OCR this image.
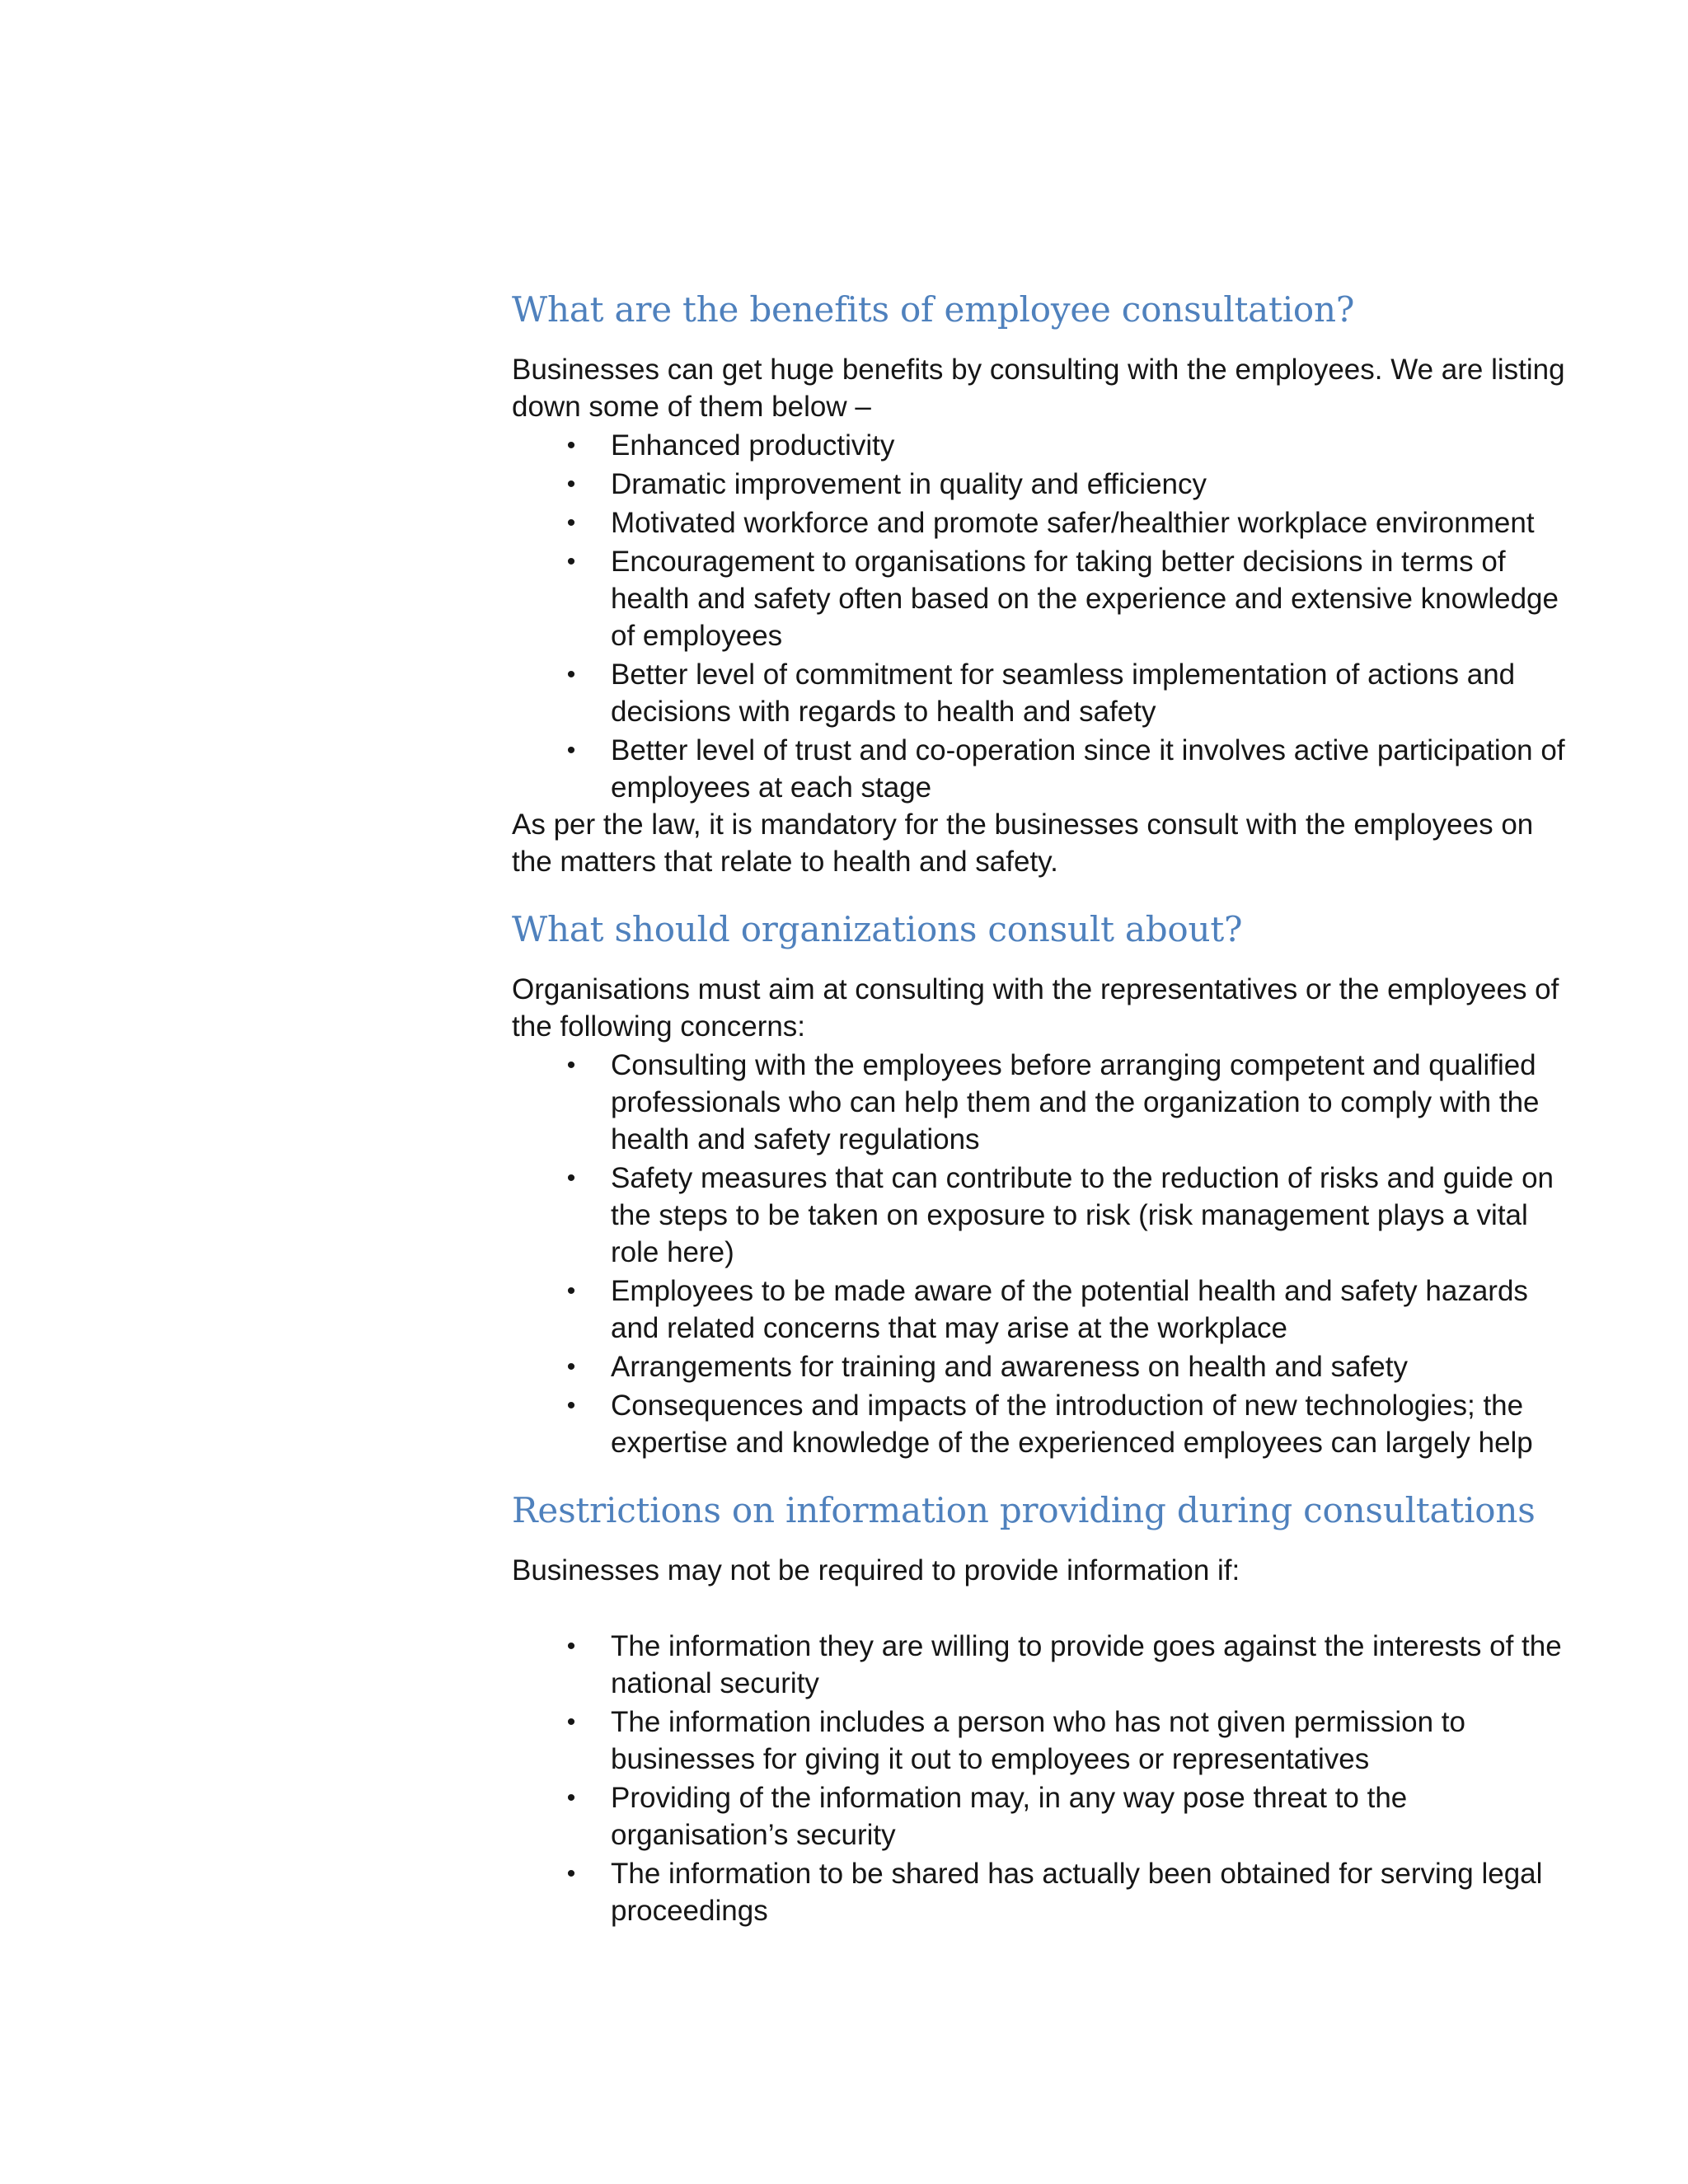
What are the benefits of employee consultation?

Businesses can get huge benefits by consulting with the employees. We are listing down some of them below –

• Enhanced productivity
• Dramatic improvement in quality and efficiency
• Motivated workforce and promote safer/healthier workplace environment
• Encouragement to organisations for taking better decisions in terms of health and safety often based on the experience and extensive knowledge of employees
• Better level of commitment for seamless implementation of actions and decisions with regards to health and safety
• Better level of trust and co-operation since it involves active participation of employees at each stage

As per the law, it is mandatory for the businesses consult with the employees on the matters that relate to health and safety.

What should organizations consult about?

Organisations must aim at consulting with the representatives or the employees of the following concerns:

• Consulting with the employees before arranging competent and qualified professionals who can help them and the organization to comply with the health and safety regulations
• Safety measures that can contribute to the reduction of risks and guide on the steps to be taken on exposure to risk (risk management plays a vital role here)
• Employees to be made aware of the potential health and safety hazards and related concerns that may arise at the workplace
• Arrangements for training and awareness on health and safety
• Consequences and impacts of the introduction of new technologies; the expertise and knowledge of the experienced employees can largely help
Restrictions on information providing during consultations

Businesses may not be required to provide information if:

• The information they are willing to provide goes against the interests of the national security
• The information includes a person who has not given permission to businesses for giving it out to employees or representatives
• Providing of the information may, in any way pose threat to the organisation’s security
• The information to be shared has actually been obtained for serving legal proceedings
